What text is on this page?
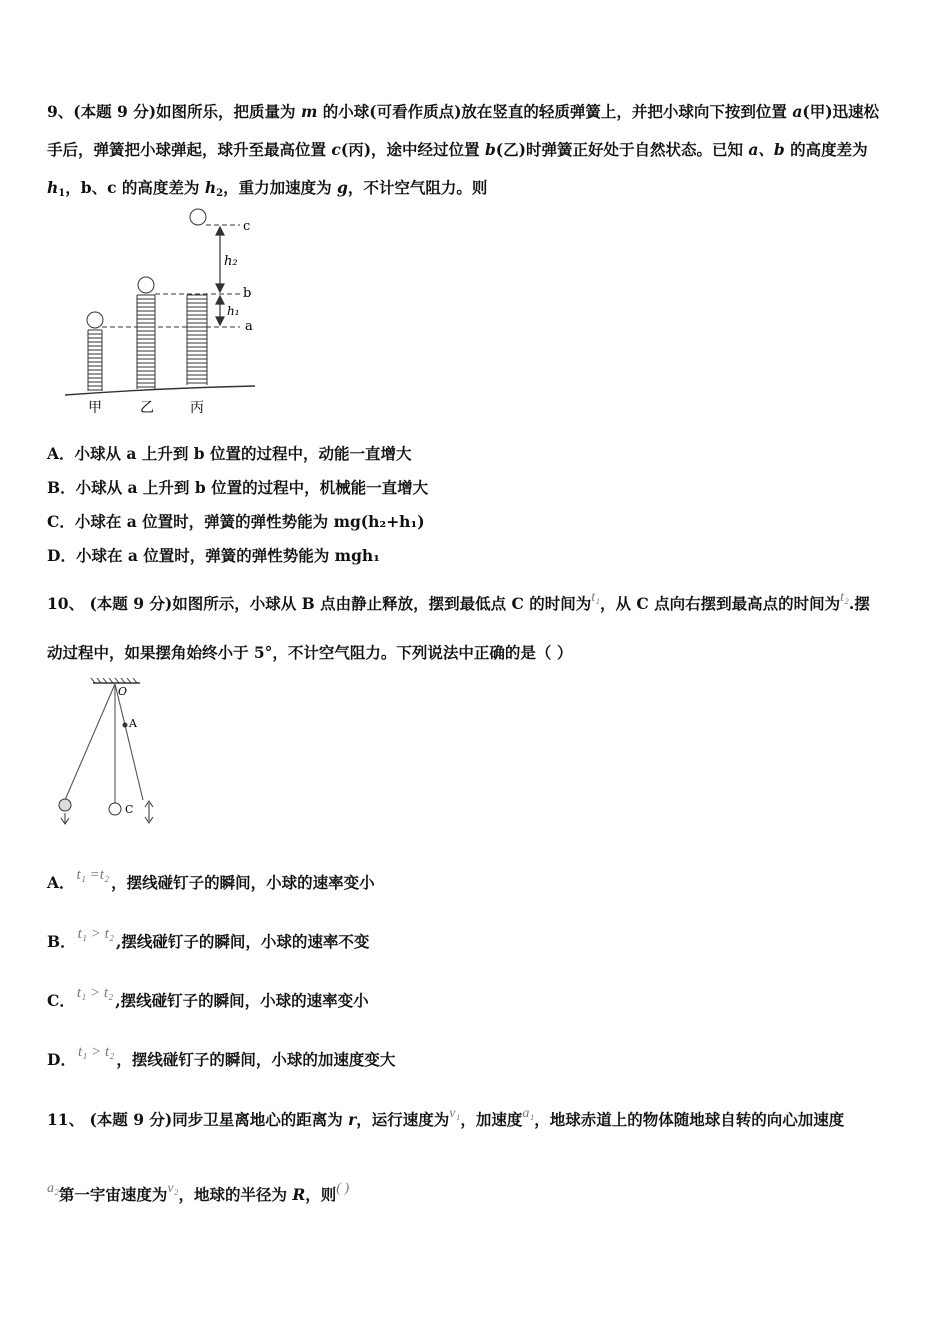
9、(本题 9 分)如图所乐，把质量为 m 的小球(可看作质点)放在竖直的轻质弹簧上，并把小球向下按到位置 a(甲)迅速松
手后，弹簧把小球弹起，球升至最高位置 c(丙)，途中经过位置 b(乙)时弹簧正好处于自然状态。已知 a、b 的高度差为
$h_1$，b、c 的高度差为 $h_2$，重力加速度为 g，不计空气阻力。则
c
b
a
h₂
h₁
甲	乙	丙
A．小球从 a 上升到 b 位置的过程中，动能一直增大
B．小球从 a 上升到 b 位置的过程中，机械能一直增大
C．小球在 a 位置时，弹簧的弹性势能为 mg(h₂+h₁)
D．小球在 a 位置时，弹簧的弹性势能为 mgh₁
10、 (本题 9 分)如图所示，小球从 B 点由静止释放，摆到最低点 C 的时间为t₁，从 C 点向右摆到最高点的时间为t₂.摆
动过程中，如果摆角始终小于 5°，不计空气阻力。下列说法中正确的是（ ）
O
A
C
A． t₁ =t₂ ，摆线碰钉子的瞬间，小球的速率变小
B． t₁ > t₂ ,摆线碰钉子的瞬间，小球的速率不变
C． t₁ > t₂ ,摆线碰钉子的瞬间，小球的速率变小
D． t₁ > t₂ ，摆线碰钉子的瞬间，小球的加速度变大
11、 (本题 9 分)同步卫星离地心的距离为 r，运行速度为v₁，加速度a₁，地球赤道上的物体随地球自转的向心加速度
a₂第一宇宙速度为v₂，地球的半径为 R，则( )
